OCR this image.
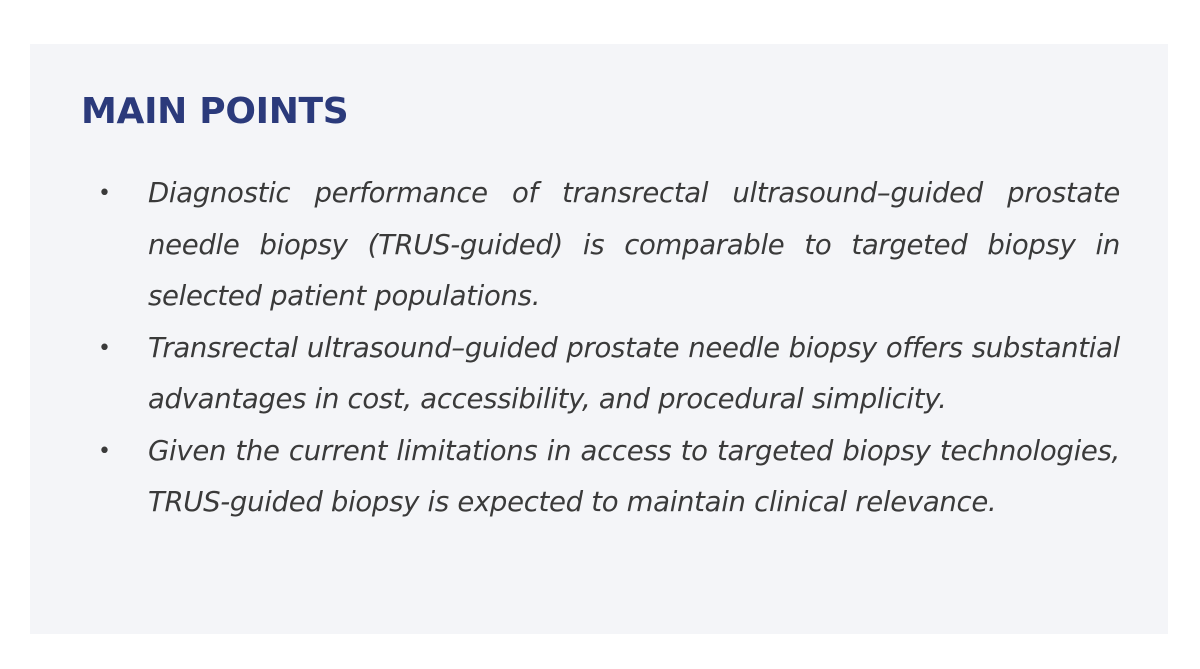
MAIN POINTS
• Diagnostic performance of transrectal ultrasound–guided prostate needle biopsy (TRUS-guided) is comparable to targeted biopsy in selected patient populations.
• Transrectal ultrasound–guided prostate needle biopsy offers substantial advantages in cost, accessibility, and procedural simplicity.
• Given the current limitations in access to targeted biopsy technologies, TRUS-guided biopsy is expected to maintain clinical relevance.
